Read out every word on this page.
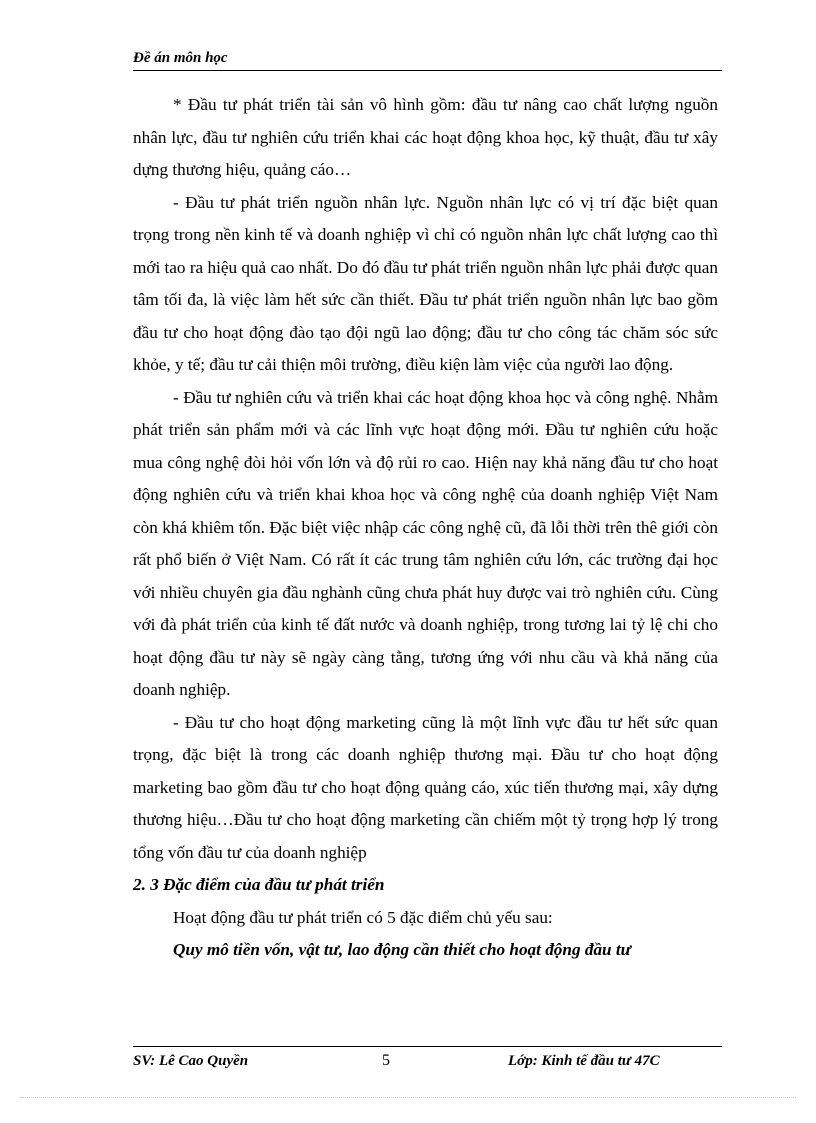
Đề án môn học

* Đầu tư phát triển tài sản vô hình gồm: đầu tư nâng cao chất lượng nguồn nhân lực, đầu tư nghiên cứu triển khai các hoạt động khoa học, kỹ thuật, đầu tư xây dựng thương hiệu, quảng cáo…

- Đầu tư phát triển nguồn nhân lực. Nguồn nhân lực có vị trí đặc biệt quan trọng trong nền kinh tế và doanh nghiệp vì chỉ có nguồn nhân lực chất lượng cao thì mới tao ra hiệu quả cao nhất. Do đó đầu tư phát triển nguồn nhân lực phải được quan tâm tối đa, là việc làm hết sức cần thiết. Đầu tư phát triển nguồn nhân lực bao gồm đầu tư cho hoạt động đào tạo đội ngũ lao động; đầu tư cho công tác chăm sóc sức khỏe, y tế; đầu tư cải thiện môi trường, điều kiện làm việc của người lao động.

- Đầu tư nghiên cứu và triển khai các hoạt động khoa học và công nghệ. Nhằm phát triển sản phẩm mới và các lĩnh vực hoạt động mới. Đầu tư nghiên cứu hoặc mua công nghệ đòi hỏi vốn lớn và độ rủi ro cao. Hiện nay khả năng đầu tư cho hoạt động nghiên cứu và triển khai khoa học và công nghệ của doanh nghiệp Việt Nam còn khá khiêm tốn. Đặc biệt việc nhập các công nghệ cũ, đã lỗi thời trên thê giới còn rất phổ biến ở Việt Nam. Có rất ít các trung tâm nghiên cứu lớn, các trường đại học với nhiều chuyên gia đầu nghành cũng chưa phát huy được vai trò nghiên cứu. Cùng với đà phát triển của kinh tế đất nước và doanh nghiệp, trong tương lai tỷ lệ chi cho hoạt động đầu tư này sẽ ngày càng tằng, tương ứng với nhu cầu và khả năng của doanh nghiệp.

- Đầu tư cho hoạt động marketing cũng là một lĩnh vực đầu tư hết sức quan trọng, đặc biệt là trong các doanh nghiệp thương mại. Đầu tư cho hoạt động marketing bao gồm đầu tư cho hoạt động quảng cáo, xúc tiến thương mại, xây dựng thương hiệu…Đầu tư cho hoạt động marketing cần chiếm một tỷ trọng hợp lý trong tổng vốn đầu tư của doanh nghiệp

2. 3 Đặc điểm của đầu tư phát triển

Hoạt động đầu tư phát triển có 5 đặc điểm chủ yếu sau:

Quy mô tiền vốn, vật tư, lao động cần thiết cho hoạt động đầu tư

SV: Lê Cao Quyền	5	Lớp: Kinh tế đầu tư 47C
